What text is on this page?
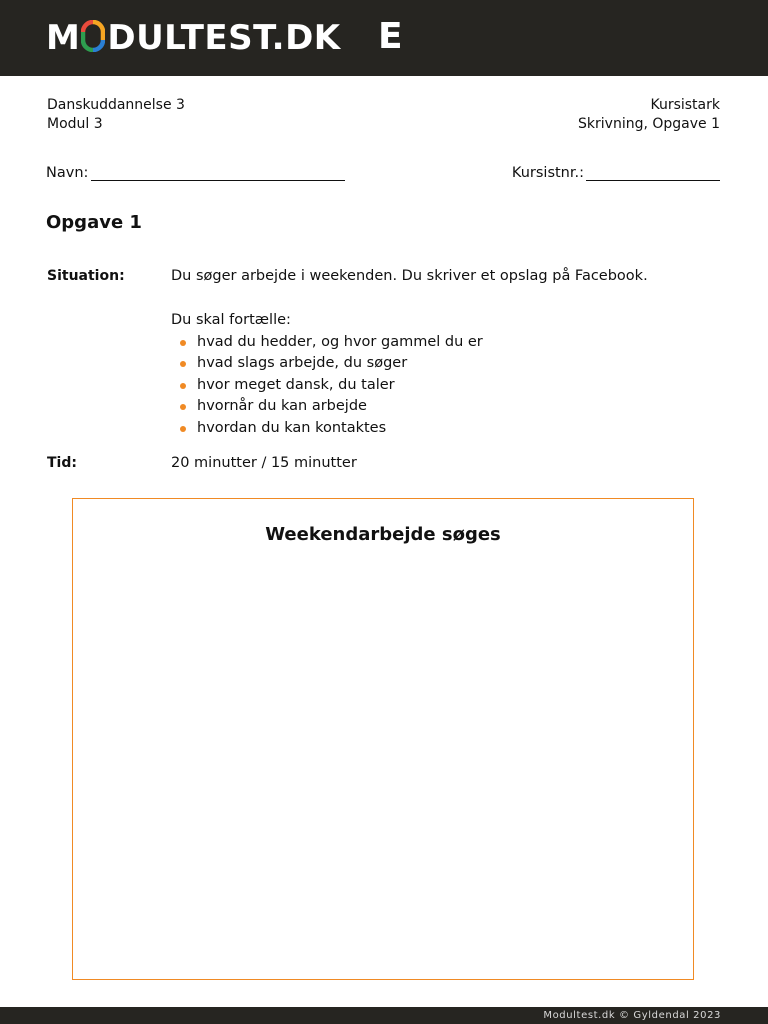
M DULTEST.DK E
Danskuddannelse 3
Modul 3
Kursistark
Skrivning, Opgave 1
Navn:	Kursistnr.:
Opgave 1
Situation:	Du søger arbejde i weekenden. Du skriver et opslag på Facebook.
Du skal fortælle:
hvad du hedder, og hvor gammel du er
hvad slags arbejde, du søger
hvor meget dansk, du taler
hvornår du kan arbejde
hvordan du kan kontaktes
Tid:	20 minutter / 15 minutter
Weekendarbejde søges
Modultest.dk © Gyldendal 2023
